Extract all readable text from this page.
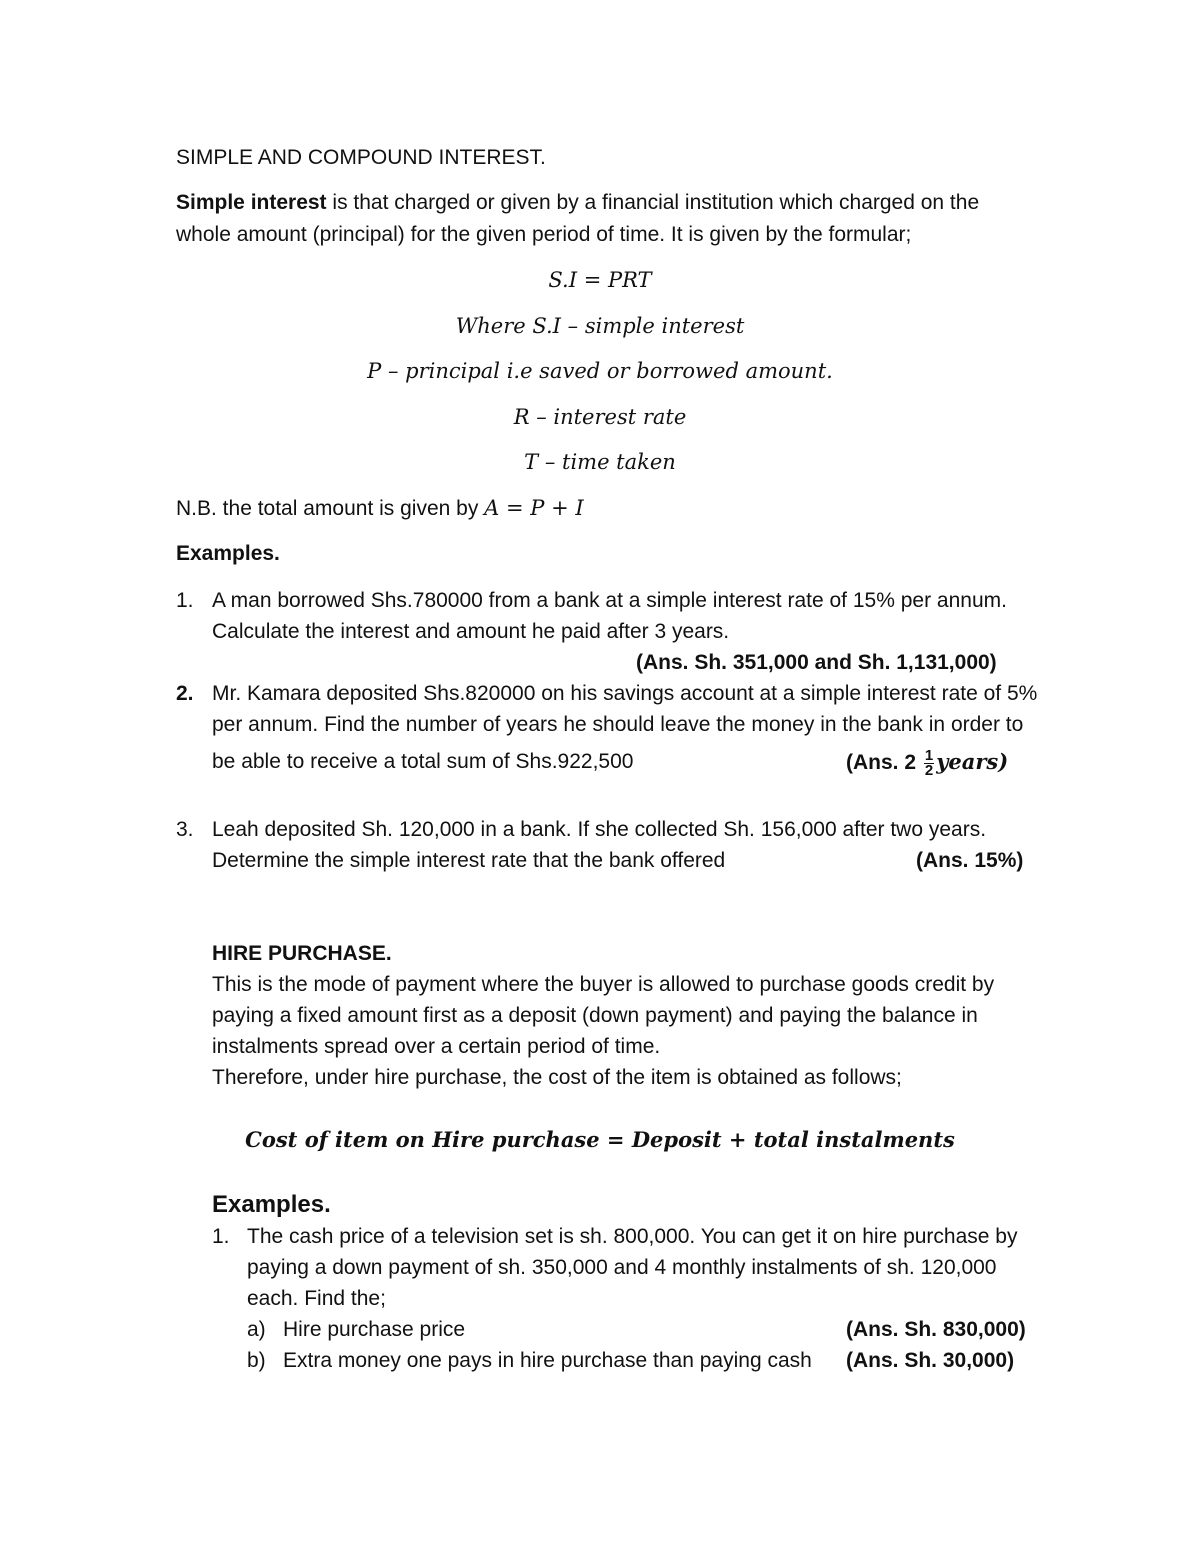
SIMPLE AND COMPOUND INTEREST.
Simple interest is that charged or given by a financial institution which charged on the
whole amount (principal) for the given period of time. It is given by the formular;
S.I = PRT
Where S.I – simple interest
P – principal i.e saved or borrowed amount.
R – interest rate
T – time taken
N.B. the total amount is given by A = P + I
Examples.
1. A man borrowed Shs.780000 from a bank at a simple interest rate of 15% per annum.
Calculate the interest and amount he paid after 3 years.
(Ans. Sh. 351,000 and Sh. 1,131,000)
2. Mr. Kamara deposited Shs.820000 on his savings account at a simple interest rate of 5%
per annum. Find the number of years he should leave the money in the bank in order to
be able to receive a total sum of Shs.922,500	(Ans. $2 \frac{1}{2}$ years)
3. Leah deposited Sh. 120,000 in a bank. If she collected Sh. 156,000 after two years.
Determine the simple interest rate that the bank offered	(Ans. 15%)
HIRE PURCHASE.
This is the mode of payment where the buyer is allowed to purchase goods credit by
paying a fixed amount first as a deposit (down payment) and paying the balance in
instalments spread over a certain period of time.
Therefore, under hire purchase, the cost of the item is obtained as follows;
Cost of item on Hire purchase = Deposit + total instalments
Examples.
1. The cash price of a television set is sh. 800,000. You can get it on hire purchase by
paying a down payment of sh. 350,000 and 4 monthly instalments of sh. 120,000
each. Find the;
a) Hire purchase price	(Ans. Sh. 830,000)
b) Extra money one pays in hire purchase than paying cash (Ans. Sh. 30,000)
